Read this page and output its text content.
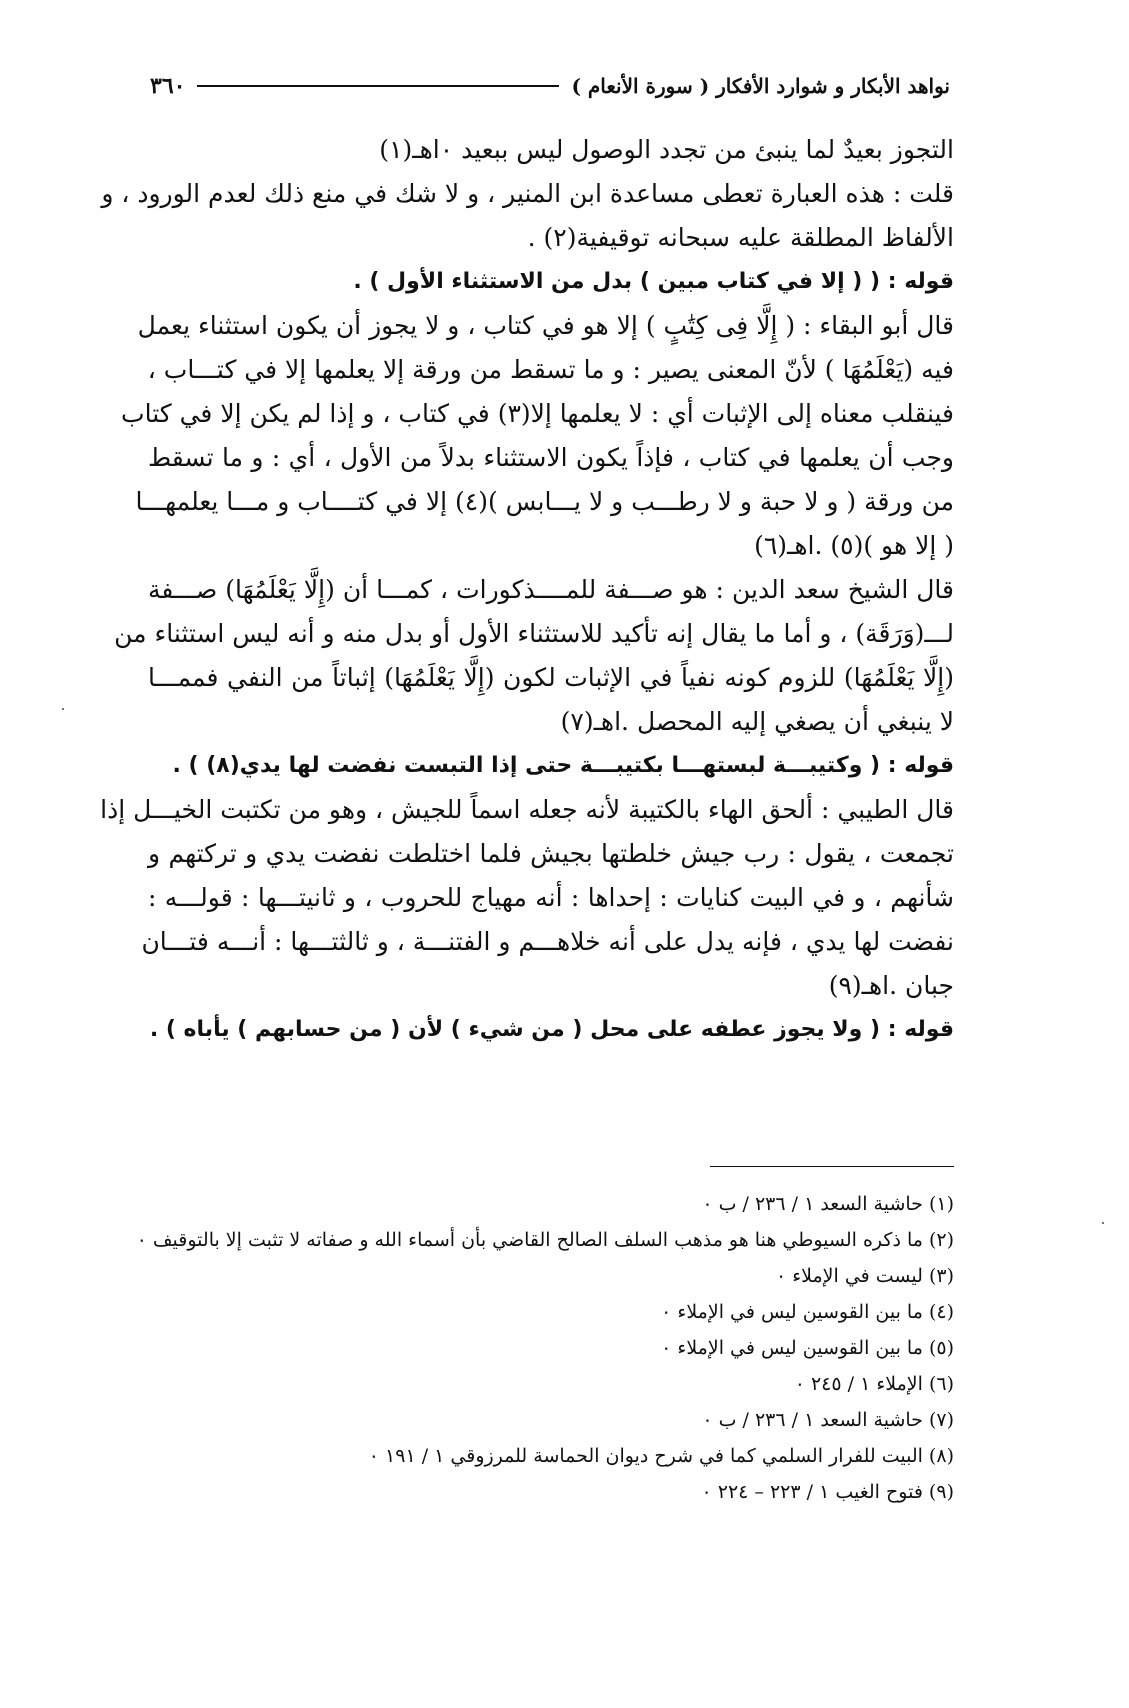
نواهد الأبكار و شوارد الأفكار ( سورة الأنعام )
٣٦٠
التجوز بعيدٌ لما ينبئ من تجدد الوصول ليس ببعيد ۰اهـ(١)
قلت : هذه العبارة تعطى مساعدة ابن المنير ، و لا شك في منع ذلك لعدم الورود ، و
الألفاظ المطلقة عليه سبحانه توقيفية(٢) .
قوله : ( ( إلا في كتاب مبين ) بدل من الاستثناء الأول ) .
قال أبو البقاء : ( إِلَّا فِى كِتَٰبٍ ) إلا هو في كتاب ، و لا يجوز أن يكون استثناء يعمل
فيه (يَعْلَمُهَا ) لأنّ المعنى يصير : و ما تسقط من ورقة إلا يعلمها إلا في كتـــاب ،
فينقلب معناه إلى الإثبات أي : لا يعلمها إلا(٣) في كتاب ، و إذا لم يكن إلا في كتاب
وجب أن يعلمها في كتاب ، فإذاً يكون الاستثناء بدلاً من الأول ، أي : و ما تسقط
من ورقة ( و لا حبة و لا رطـــب و لا يـــابس )(٤) إلا في كتــــاب و مـــا يعلمهـــا
( إلا هو )(٥) .اهـ(٦)
قال الشيخ سعد الدين : هو صـــفة للمــــذكورات ، كمـــا أن (إِلَّا يَعْلَمُهَا) صـــفة
لـــ(وَرَقَة) ، و أما ما يقال إنه تأكيد للاستثناء الأول أو بدل منه و أنه ليس استثناء من
(إِلَّا يَعْلَمُهَا) للزوم كونه نفياً في الإثبات لكون (إِلَّا يَعْلَمُهَا) إثباتاً من النفي فممـــا
لا ينبغي أن يصغي إليه المحصل .اهـ(٧)
قوله : ( وكتيبـــة لبستهـــا بكتيبـــة حتى إذا التبست نفضت لها يدي(٨) ) .
قال الطيبي : ألحق الهاء بالكتيبة لأنه جعله اسماً للجيش ، وهو من تكتبت الخيـــل إذا
تجمعت ، يقول : رب جيش خلطتها بجيش فلما اختلطت نفضت يدي و تركتهم و
شأنهم ، و في البيت كنايات : إحداها : أنه مهياج للحروب ، و ثانيتـــها : قولـــه :
نفضت لها يدي ، فإنه يدل على أنه خلاهـــم و الفتنـــة ، و ثالثتـــها : أنـــه فتـــان
جبان .اهـ(٩)
قوله : ( ولا يجوز عطفه على محل ( من شيء ) لأن ( من حسابهم ) يأباه ) .
(١) حاشية السعد ١ / ٢٣٦ / ب ۰
(٢) ما ذكره السيوطي هنا هو مذهب السلف الصالح القاضي بأن أسماء الله و صفاته لا تثبت إلا بالتوقيف ۰
(٣) ليست في الإملاء ۰
(٤) ما بين القوسين ليس في الإملاء ۰
(٥) ما بين القوسين ليس في الإملاء ۰
(٦) الإملاء ١ / ٢٤٥ ۰
(٧) حاشية السعد ١ / ٢٣٦ / ب ۰
(٨) البيت للفرار السلمي كما في شرح ديوان الحماسة للمرزوقي ١ / ١٩١ ۰
(٩) فتوح الغيب ١ / ٢٢٣ – ٢٢٤ ۰
